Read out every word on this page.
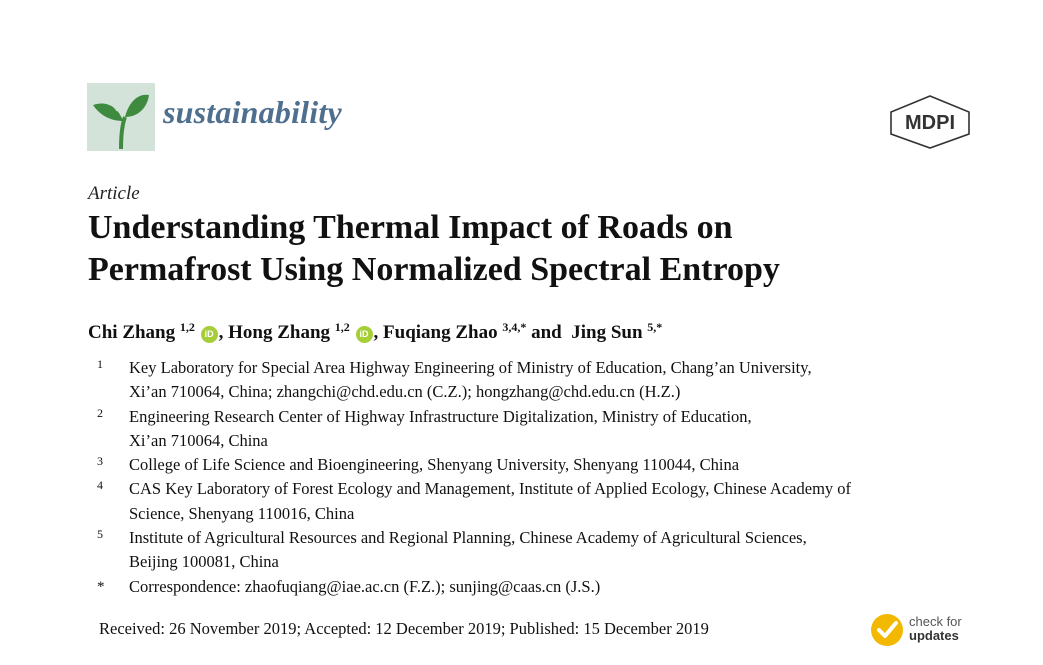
sustainability	MDPI
Article
Understanding Thermal Impact of Roads on
Permafrost Using Normalized Spectral Entropy
Chi Zhang $^{1,2}$ iD , Hong Zhang $^{1,2}$ iD , Fuqiang Zhao $^{3,4,*}$ and  Jing Sun $^{5,*}$
1 Key Laboratory for Special Area Highway Engineering of Ministry of Education, Chang’an University,
Xi’an 710064, China; zhangchi@chd.edu.cn (C.Z.); hongzhang@chd.edu.cn (H.Z.)
2 Engineering Research Center of Highway Infrastructure Digitalization, Ministry of Education,
Xi’an 710064, China
3 College of Life Science and Bioengineering, Shenyang University, Shenyang 110044, China
4 CAS Key Laboratory of Forest Ecology and Management, Institute of Applied Ecology, Chinese Academy of
Science, Shenyang 110016, China
5 Institute of Agricultural Resources and Regional Planning, Chinese Academy of Agricultural Sciences,
Beijing 100081, China
* Correspondence: zhaofuqiang@iae.ac.cn (F.Z.); sunjing@caas.cn (J.S.)
Received: 26 November 2019; Accepted: 12 December 2019; Published: 15 December 2019	check for
updates
